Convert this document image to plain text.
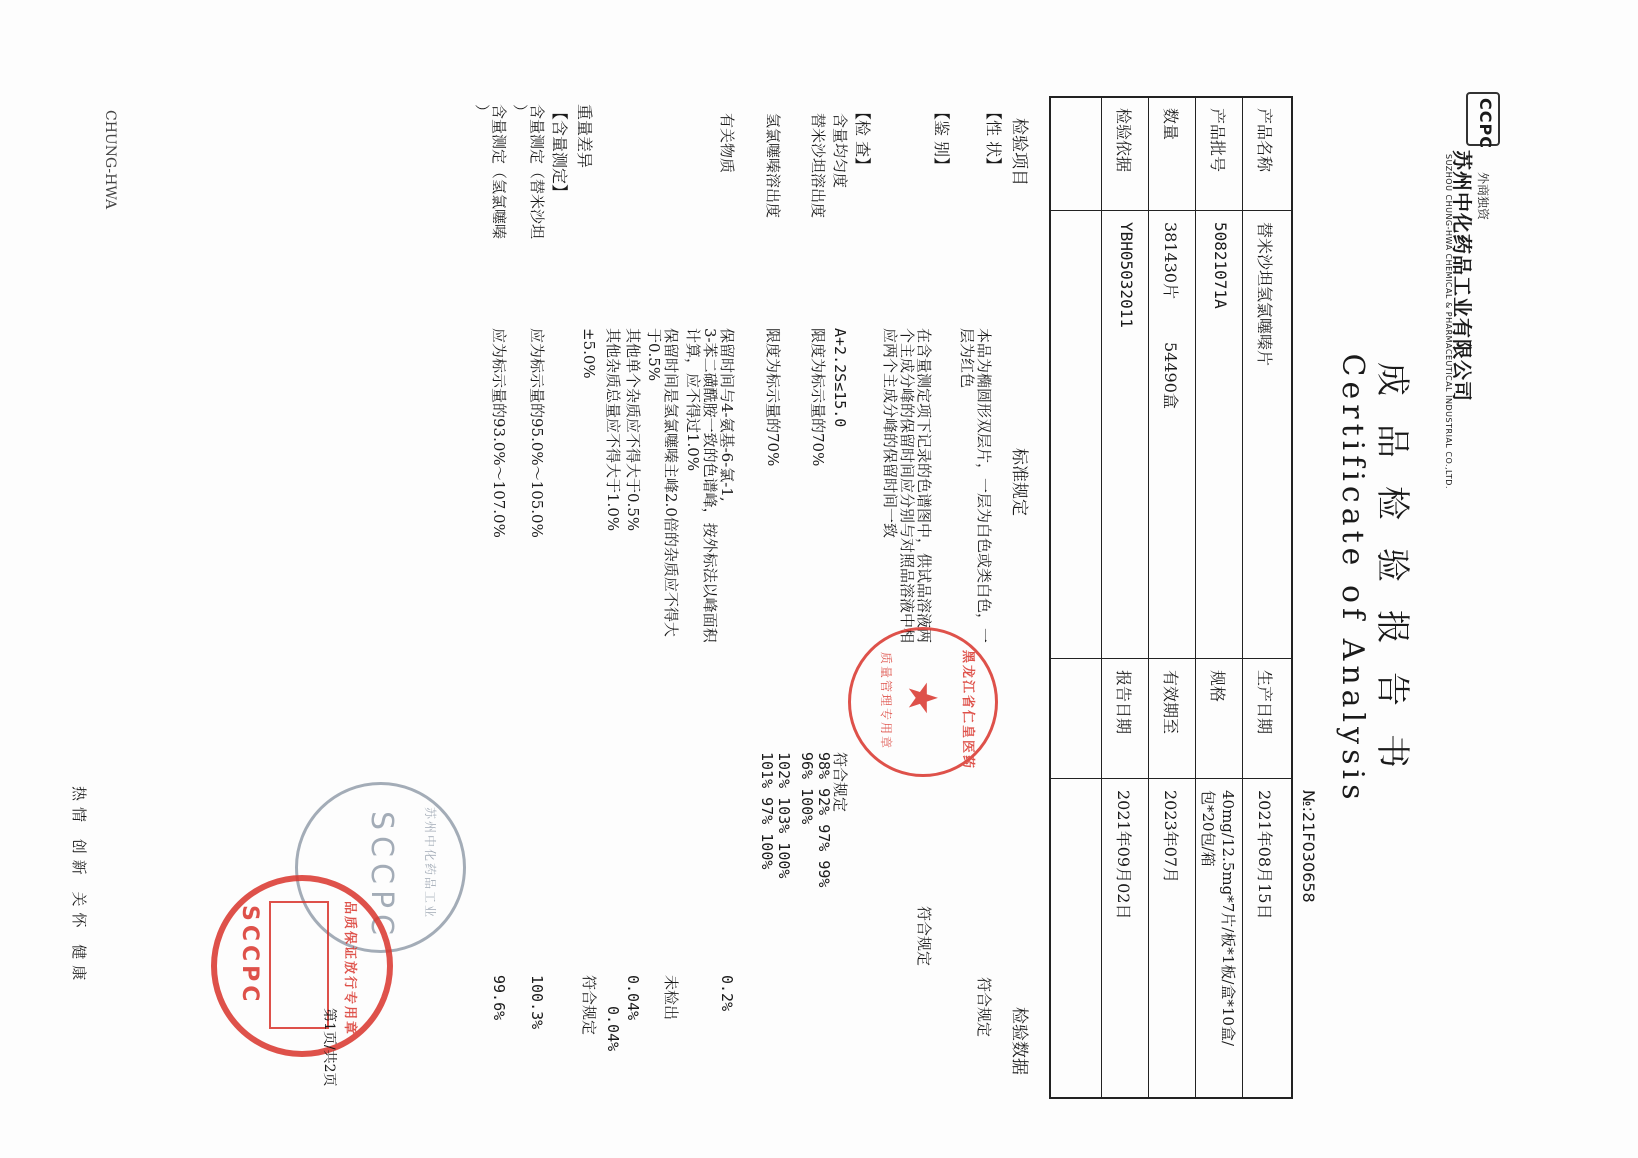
CCPC
外商独资
苏州中化药品工业有限公司
SUZHOU CHUNG-HWA CHEMICAL & PHARMACEUTICAL INDUSTRIAL CO.,LTD.
成品检验报告书
Certificate of Analysis
№:21F030658
产品名称
替米沙坦氢氯噻嗪片
产品批号
50821071A
数量
381430片
54490盒
检验依据
YBH05032011
生产日期
2021年08月15日
规格
40mg/12.5mg*7片/板*1板/盒*10盒/
包*20包/箱
有效期至
2023年07月
报告日期
2021年09月02日
检验项目
标准规定
检验数据
【性 状】
本品为椭圆形双层片，一层为白色或类白色，一
层为红色
符合规定
【鉴 别】
在含量测定项下记录的色谱图中，供试品溶液两
个主成分峰的保留时间应分别与对照品溶液中相
应两个主成分峰的保留时间一致
符合规定
【检 查】
含量均匀度
A+2.2S≤15.0
符合规定
替米沙坦溶出度
限度为标示量的70%
98% 92% 97% 99%
96% 100%
氢氯噻嗪溶出度
限度为标示量的70%
102% 103% 100%
101% 97% 100%
有关物质
保留时间与4-氨基-6-氯-1,
3-苯二磺酰胺一致的色谱峰，按外标法以峰面积
计算，应不得过1.0%
0.2%
保留时间是氢氯噻嗪主峰2.0倍的杂质应不得大
于0.5%
未检出
其他单个杂质应不得大于0.5%
0.04%
其他杂质总量应不得大于1.0%
0.04%
重量差异
±5.0%
符合规定
【含量测定】
含量测定（替米沙坦
）
应为标示量的95.0%～105.0%
100.3%
含量测定（氢氯噻嗪
）
应为标示量的93.0%～107.0%
99.6%
黑龙江省仁皇医药
★
质量管理专用章
苏州中化药品工业
SCCPC
品质保证放行专用章
SCCPC
第1页/共2页
CHUNG-HWA
热情 创新 关怀 健康
